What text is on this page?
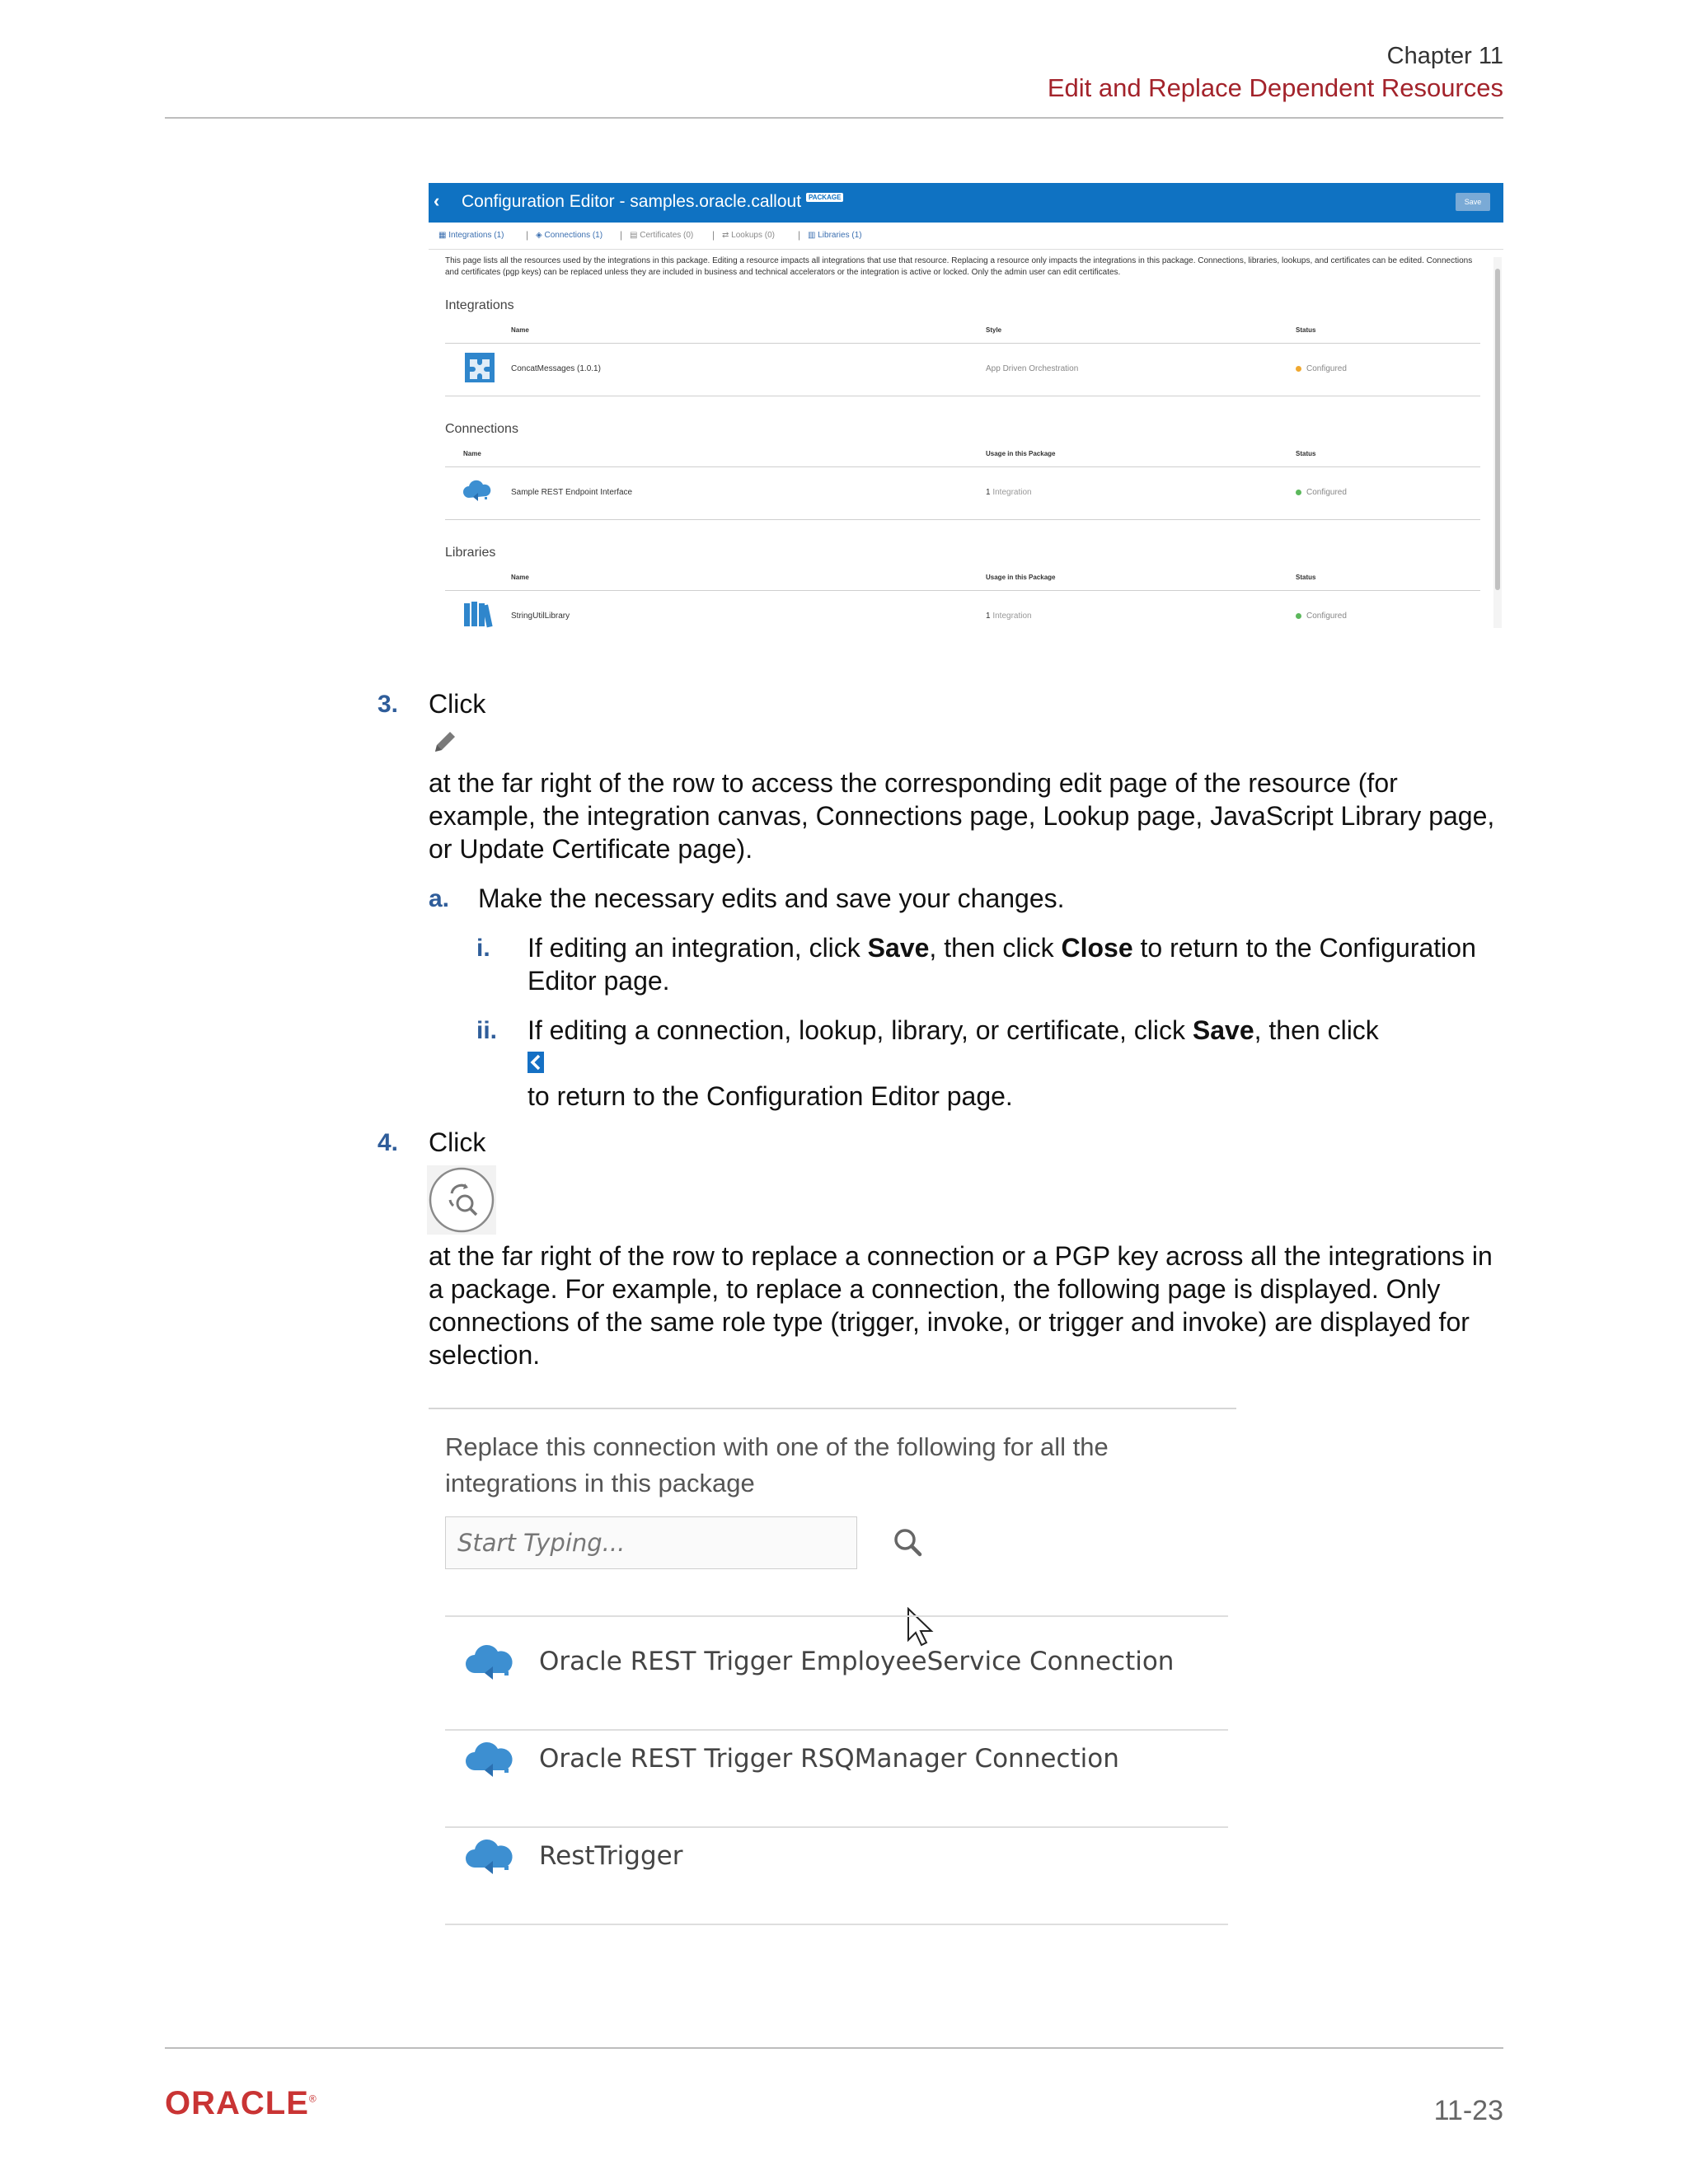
Chapter 11
Edit and Replace Dependent Resources
‹ Configuration Editor - samples.oracle.callout	PACKAGE
Save
▦ Integrations (1) | ◈ Connections (1) | ▤ Certificates (0) | ⇄ Lookups (0) | ▥ Libraries (1)
This page lists all the resources used by the integrations in this package. Editing a resource impacts all integrations that use that resource. Replacing a resource only impacts the integrations in this package. Connections, libraries, lookups, and certificates can be edited. Connections and certificates (pgp keys) can be replaced unless they are included in business and technical accelerators or the integration is active or locked. Only the admin user can edit certificates.
Integrations
Name	Style	Status
ConcatMessages (1.0.1)	App Driven Orchestration	Configured
Connections
Name	Usage in this Package	Status
Sample REST Endpoint Interface	1 Integration	Configured
Libraries
Name	Usage in this Package	Status
StringUtilLibrary	1 Integration	Configured
3. Click
at the far right of the row to access the corresponding edit page of the resource (for example, the integration canvas, Connections page, Lookup page, JavaScript Library page, or Update Certificate page).
a. Make the necessary edits and save your changes.
i. If editing an integration, click Save, then click Close to return to the Configuration Editor page.
ii. If editing a connection, lookup, library, or certificate, click Save, then click
to return to the Configuration Editor page.
4. Click
at the far right of the row to replace a connection or a PGP key across all the integrations in a package. For example, to replace a connection, the following page is displayed. Only connections of the same role type (trigger, invoke, or trigger and invoke) are displayed for selection.
Replace this connection with one of the following for all the integrations in this package
Start Typing...
Oracle REST Trigger EmployeeService Connection
Oracle REST Trigger RSQManager Connection
RestTrigger
ORACLE®	11-23
